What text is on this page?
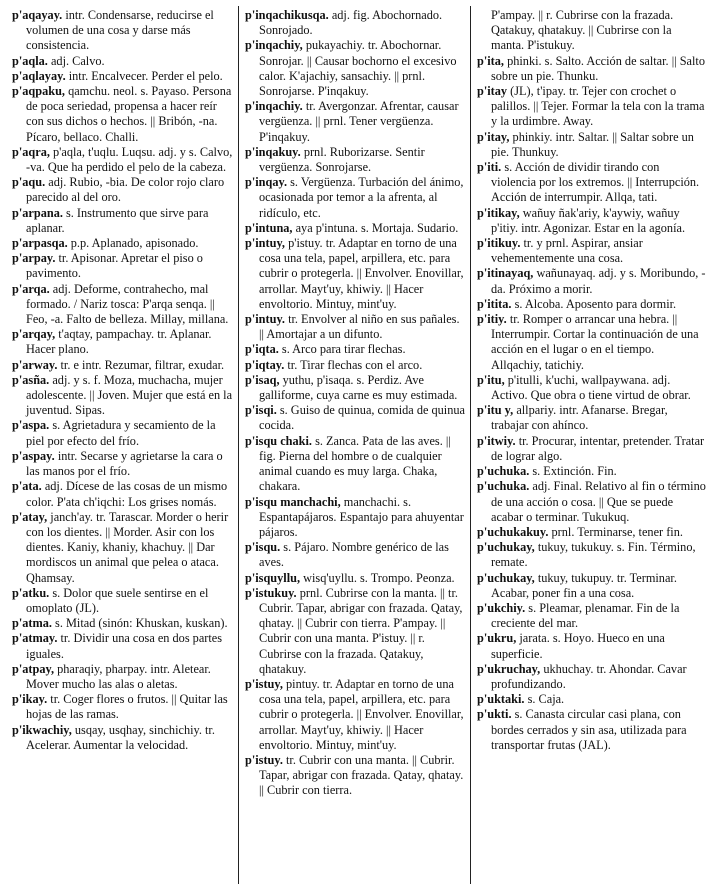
p'aqayay. intr. Condensarse, reducirse el volumen de una cosa y darse más consistencia.

p'aqla. adj. Calvo.

p'aqlayay. intr. Encalvecer. Perder el pelo.

p'aqpaku, qamchu. neol. s. Payaso. Persona de poca seriedad, propensa a hacer reír con sus dichos o hechos. || Bribón, -na. Pícaro, bellaco. Challi.

p'aqra, p'aqla, t'uqlu. Luqsu. adj. y s. Calvo, -va. Que ha perdido el pelo de la cabeza.

p'aqu. adj. Rubio, -bia. De color rojo claro parecido al del oro.

p'arpana. s. Instrumento que sirve para aplanar.

p'arpasqa. p.p. Aplanado, apisonado.

p'arpay. tr. Apisonar. Apretar el piso o pavimento.

p'arqa. adj. Deforme, contrahecho, mal formado. / Nariz tosca: P'arqa senqa. || Feo, -a. Falto de belleza. Millay, millana.

p'arqay, t'aqtay, pampachay. tr. Aplanar. Hacer plano.

p'arway. tr. e intr. Rezumar, filtrar, exudar.

p'asña. adj. y s. f. Moza, muchacha, mujer adolescente. || Joven. Mujer que está en la juventud. Sipas.

p'aspa. s. Agrietadura y secamiento de la piel por efecto del frío.

p'aspay. intr. Secarse y agrietarse la cara o las manos por el frío.

p'ata. adj. Dícese de las cosas de un mismo color. P'ata ch'iqchi: Los grises nomás.

p'atay, janch'ay. tr. Tarascar. Morder o herir con los dientes. || Morder. Asir con los dientes. Kaniy, khaniy, khachuy. || Dar mordiscos un animal que pelea o ataca. Qhamsay.

p'atku. s. Dolor que suele sentirse en el omoplato (JL).

p'atma. s. Mitad (sinón: Khuskan, kuskan).

p'atmay. tr. Dividir una cosa en dos partes iguales.

p'atpay, pharaqiy, pharpay. intr. Aletear. Mover mucho las alas o aletas.

p'ikay. tr. Coger flores o frutos. || Quitar las hojas de las ramas.

p'ikwachiy, usqay, usqhay, sinchichiy. tr. Acelerar. Aumentar la velocidad.

p'inqachikusqa. adj. fig. Abochornado. Sonrojado.

p'inqachiy, pukayachiy. tr. Abochornar. Sonrojar. || Causar bochorno el excesivo calor. K'ajachiy, sansachiy. || prnl. Sonrojarse. P'inqakuy.

p'inqachiy. tr. Avergonzar. Afrentar, causar vergüenza. || prnl. Tener vergüenza. P'inqakuy.

p'inqakuy. prnl. Ruborizarse. Sentir vergüenza. Sonrojarse.

p'inqay. s. Vergüenza. Turbación del ánimo, ocasionada por temor a la afrenta, al ridículo, etc.

p'intuna, aya p'intuna. s. Mortaja. Sudario.

p'intuy, p'istuy. tr. Adaptar en torno de una cosa una tela, papel, arpillera, etc. para cubrir o protegerla. || Envolver. Enovillar, arrollar. Mayt'uy, khiwiy. || Hacer envoltorio. Mintuy, mint'uy.

p'intuy. tr. Envolver al niño en sus pañales. || Amortajar a un difunto.

p'iqta. s. Arco para tirar flechas.

p'iqtay. tr. Tirar flechas con el arco.

p'isaq, yuthu, p'isaqa. s. Perdiz. Ave galliforme, cuya carne es muy estimada.

p'isqi. s. Guiso de quinua, comida de quinua cocida.

p'isqu chaki. s. Zanca. Pata de las aves. || fig. Pierna del hombre o de cualquier animal cuando es muy larga. Chaka, chakara.

p'isqu manchachi, manchachi. s. Espantapájaros. Espantajo para ahuyentar pájaros.

p'isqu. s. Pájaro. Nombre genérico de las aves.

p'isquyllu, wisq'uyllu. s. Trompo. Peonza.

p'istukuy. prnl. Cubrirse con la manta. || tr. Cubrir. Tapar, abrigar con frazada. Qatay, qhatay. || Cubrir con tierra. P'ampay. || Cubrir con una manta. P'istuy. || r. Cubrirse con la frazada. Qatakuy, qhatakuy.

p'istuy, pintuy. tr. Adaptar en torno de una cosa una tela, papel, arpillera, etc. para cubrir o protegerla. || Envolver. Enovillar, arrollar. Mayt'uy, khiwiy. || Hacer envoltorio. Mintuy, mint'uy.

p'istuy. tr. Cubrir con una manta. || Cubrir. Tapar, abrigar con frazada. Qatay, qhatay. || Cubrir con tierra.

P'ampay. || r. Cubrirse con la frazada. Qatakuy, qhatakuy. || Cubrirse con la manta. P'istukuy.

p'ita, phinki. s. Salto. Acción de saltar. || Salto sobre un pie. Thunku.

p'itay (JL), t'ipay. tr. Tejer con crochet o palillos. || Tejer. Formar la tela con la trama y la urdimbre. Away.

p'itay, phinkiy. intr. Saltar. || Saltar sobre un pie. Thunkuy.

p'iti. s. Acción de dividir tirando con violencia por los extremos. || Interrupción. Acción de interrumpir. Allqa, tati.

p'itikay, wañuy ñak'ariy, k'aywiy, wañuy p'itiy. intr. Agonizar. Estar en la agonía.

p'itikuy. tr. y prnl. Aspirar, ansiar vehementemente una cosa.

p'itinayaq, wañunayaq. adj. y s. Moribundo, -da. Próximo a morir.

p'itita. s. Alcoba. Aposento para dormir.

p'itiy. tr. Romper o arrancar una hebra. || Interrumpir. Cortar la continuación de una acción en el lugar o en el tiempo. Allqachiy, tatichiy.

p'itu, p'itulli, k'uchi, wallpaywana. adj. Activo. Que obra o tiene virtud de obrar.

p'itu y, allpariy. intr. Afanarse. Bregar, trabajar con ahínco.

p'itwiy. tr. Procurar, intentar, pretender. Tratar de lograr algo.

p'uchuka. s. Extinción. Fin.

p'uchuka. adj. Final. Relativo al fin o término de una acción o cosa. || Que se puede acabar o terminar. Tukukuq.

p'uchukakuy. prnl. Terminarse, tener fin.

p'uchukay, tukuy, tukukuy. s. Fin. Término, remate.

p'uchukay, tukuy, tukupuy. tr. Terminar. Acabar, poner fin a una cosa.

p'ukchiy. s. Pleamar, plenamar. Fin de la creciente del mar.

p'ukru, jarata. s. Hoyo. Hueco en una superficie.

p'ukruchay, ukhuchay. tr. Ahondar. Cavar profundizando.

p'uktaki. s. Caja.

p'ukti. s. Canasta circular casi plana, con bordes cerrados y sin asa, utilizada para transportar frutas (JAL).
